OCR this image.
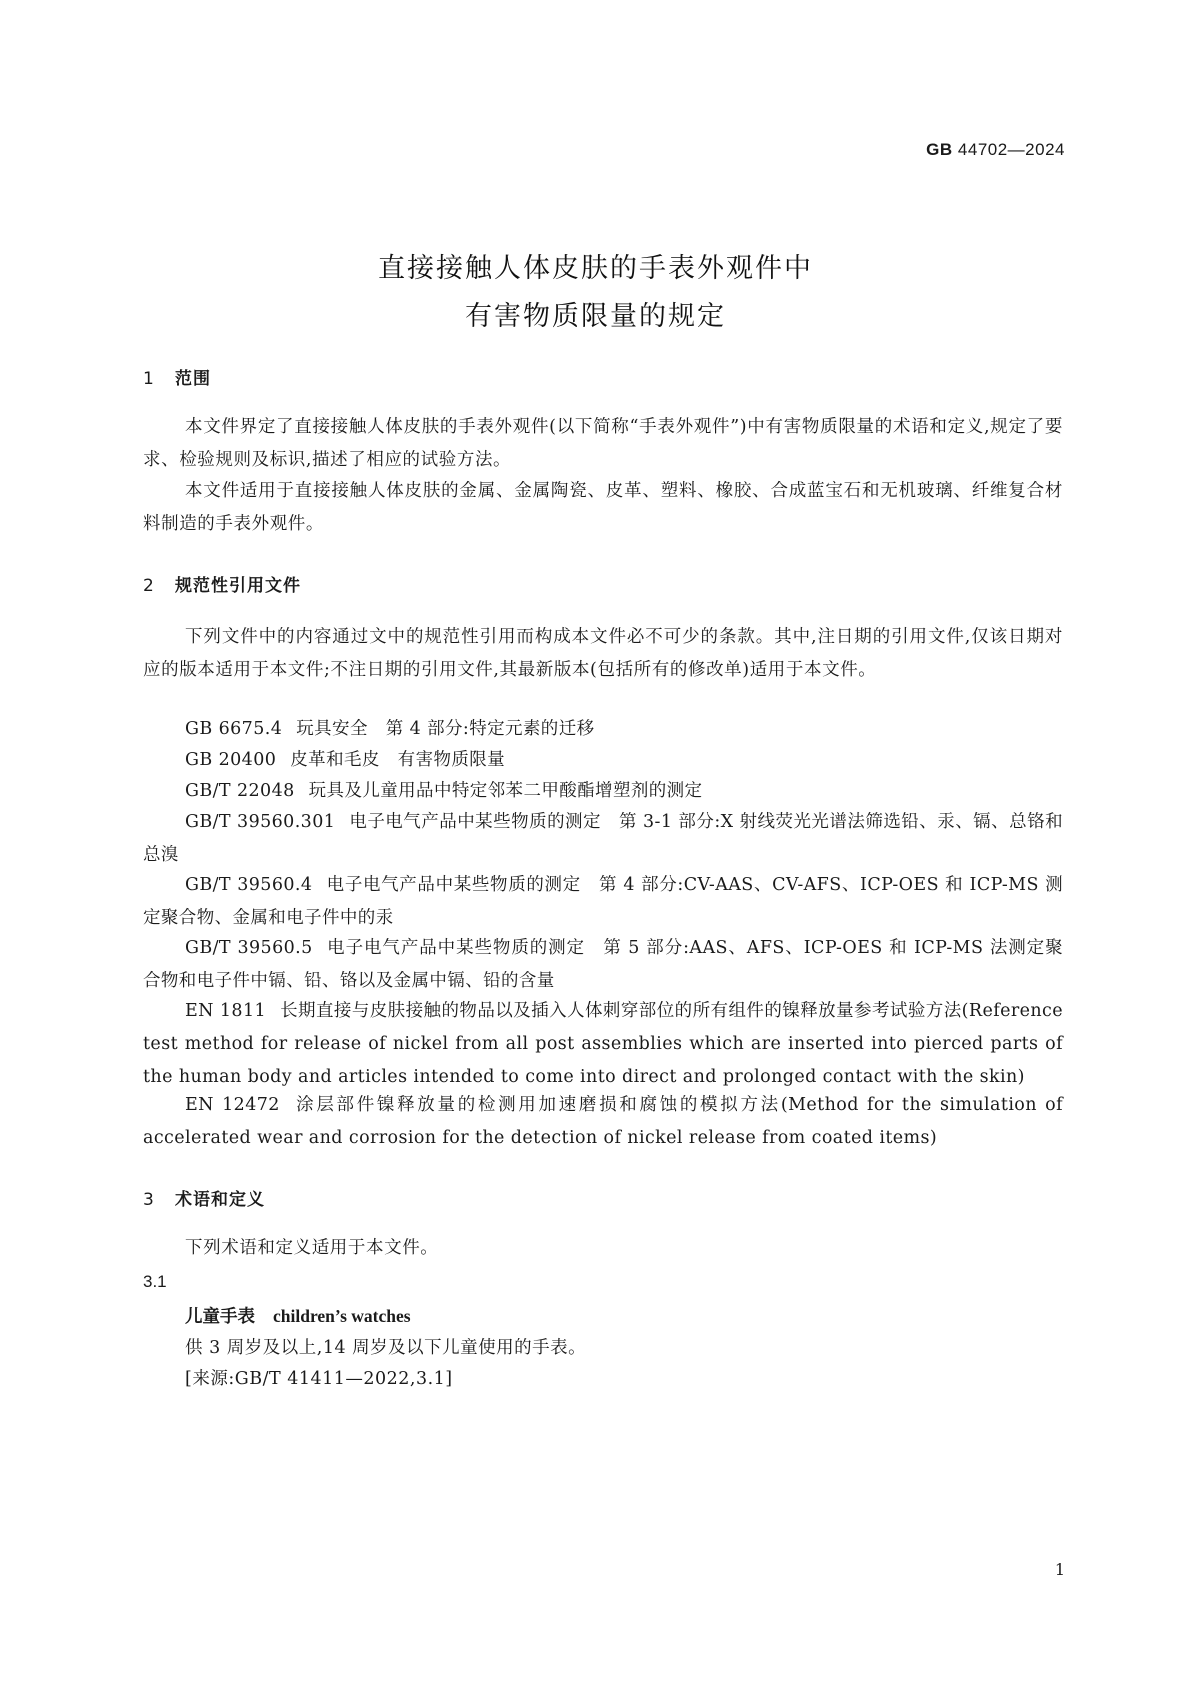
GB 44702—2024
直接接触人体皮肤的手表外观件中
有害物质限量的规定
1 范围
本文件界定了直接接触人体皮肤的手表外观件(以下简称“手表外观件”)中有害物质限量的术语和定义,规定了要求、检验规则及标识,描述了相应的试验方法。
本文件适用于直接接触人体皮肤的金属、金属陶瓷、皮革、塑料、橡胶、合成蓝宝石和无机玻璃、纤维复合材料制造的手表外观件。
2 规范性引用文件
下列文件中的内容通过文中的规范性引用而构成本文件必不可少的条款。其中,注日期的引用文件,仅该日期对应的版本适用于本文件;不注日期的引用文件,其最新版本(包括所有的修改单)适用于本文件。
GB 6675.4 玩具安全　第 4 部分:特定元素的迁移
GB 20400 皮革和毛皮　有害物质限量
GB/T 22048 玩具及儿童用品中特定邻苯二甲酸酯增塑剂的测定
GB/T 39560.301 电子电气产品中某些物质的测定　第 3-1 部分:X 射线荧光光谱法筛选铅、汞、镉、总铬和总溴
GB/T 39560.4 电子电气产品中某些物质的测定　第 4 部分:CV-AAS、CV-AFS、ICP-OES 和 ICP-MS 测定聚合物、金属和电子件中的汞
GB/T 39560.5 电子电气产品中某些物质的测定　第 5 部分:AAS、AFS、ICP-OES 和 ICP-MS 法测定聚合物和电子件中镉、铅、铬以及金属中镉、铅的含量
EN 1811 长期直接与皮肤接触的物品以及插入人体刺穿部位的所有组件的镍释放量参考试验方法(Reference test method for release of nickel from all post assemblies which are inserted into pierced parts of the human body and articles intended to come into direct and prolonged contact with the skin)
EN 12472 涂层部件镍释放量的检测用加速磨损和腐蚀的模拟方法(Method for the simulation of accelerated wear and corrosion for the detection of nickel release from coated items)
3 术语和定义
下列术语和定义适用于本文件。
3.1
儿童手表 children’s watches
供 3 周岁及以上,14 周岁及以下儿童使用的手表。
[来源:GB/T 41411—2022,3.1]
1
